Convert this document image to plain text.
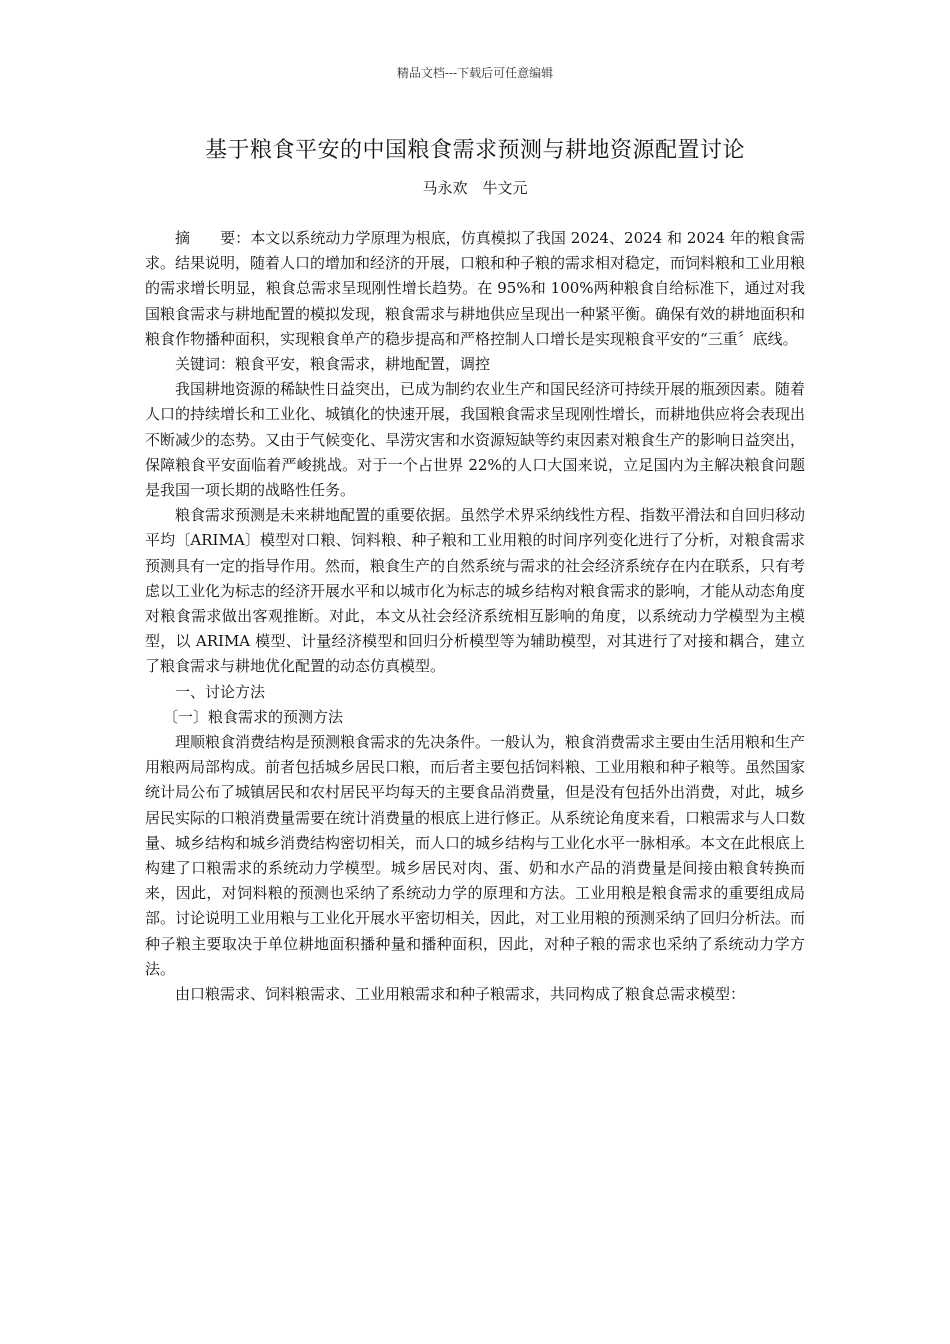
精品文档---下载后可任意编辑
基于粮食平安的中国粮食需求预测与耕地资源配置讨论
马永欢　牛文元

摘　　要：本文以系统动力学原理为根底，仿真模拟了我国 2024、2024 和 2024 年的粮食需求。结果说明，随着人口的增加和经济的开展，口粮和种子粮的需求相对稳定，而饲料粮和工业用粮的需求增长明显，粮食总需求呈现刚性增长趋势。在 95%和 100%两种粮食自给标准下，通过对我国粮食需求与耕地配置的模拟发现，粮食需求与耕地供应呈现出一种紧平衡。确保有效的耕地面积和粮食作物播种面积，实现粮食单产的稳步提高和严格控制人口增长是实现粮食平安的“三重〞底线。

关键词：粮食平安，粮食需求，耕地配置，调控

我国耕地资源的稀缺性日益突出，已成为制约农业生产和国民经济可持续开展的瓶颈因素。随着人口的持续增长和工业化、城镇化的快速开展，我国粮食需求呈现刚性增长，而耕地供应将会表现出不断减少的态势。又由于气候变化、旱涝灾害和水资源短缺等约束因素对粮食生产的影响日益突出，保障粮食平安面临着严峻挑战。对于一个占世界 22%的人口大国来说，立足国内为主解决粮食问题是我国一项长期的战略性任务。

粮食需求预测是未来耕地配置的重要依据。虽然学术界采纳线性方程、指数平滑法和自回归移动平均〔ARIMA〕模型对口粮、饲料粮、种子粮和工业用粮的时间序列变化进行了分析，对粮食需求预测具有一定的指导作用。然而，粮食生产的自然系统与需求的社会经济系统存在内在联系，只有考虑以工业化为标志的经济开展水平和以城市化为标志的城乡结构对粮食需求的影响，才能从动态角度对粮食需求做出客观推断。对此，本文从社会经济系统相互影响的角度，以系统动力学模型为主模型，以 ARIMA 模型、计量经济模型和回归分析模型等为辅助模型，对其进行了对接和耦合，建立了粮食需求与耕地优化配置的动态仿真模型。

一、讨论方法

〔一〕粮食需求的预测方法

理顺粮食消费结构是预测粮食需求的先决条件。一般认为，粮食消费需求主要由生活用粮和生产用粮两局部构成。前者包括城乡居民口粮，而后者主要包括饲料粮、工业用粮和种子粮等。虽然国家统计局公布了城镇居民和农村居民平均每天的主要食品消费量，但是没有包括外出消费，对此，城乡居民实际的口粮消费量需要在统计消费量的根底上进行修正。从系统论角度来看，口粮需求与人口数量、城乡结构和城乡消费结构密切相关，而人口的城乡结构与工业化水平一脉相承。本文在此根底上构建了口粮需求的系统动力学模型。城乡居民对肉、蛋、奶和水产品的消费量是间接由粮食转换而来，因此，对饲料粮的预测也采纳了系统动力学的原理和方法。工业用粮是粮食需求的重要组成局部。讨论说明工业用粮与工业化开展水平密切相关，因此，对工业用粮的预测采纳了回归分析法。而种子粮主要取决于单位耕地面积播种量和播种面积，因此，对种子粮的需求也采纳了系统动力学方法。

由口粮需求、饲料粮需求、工业用粮需求和种子粮需求，共同构成了粮食总需求模型：
